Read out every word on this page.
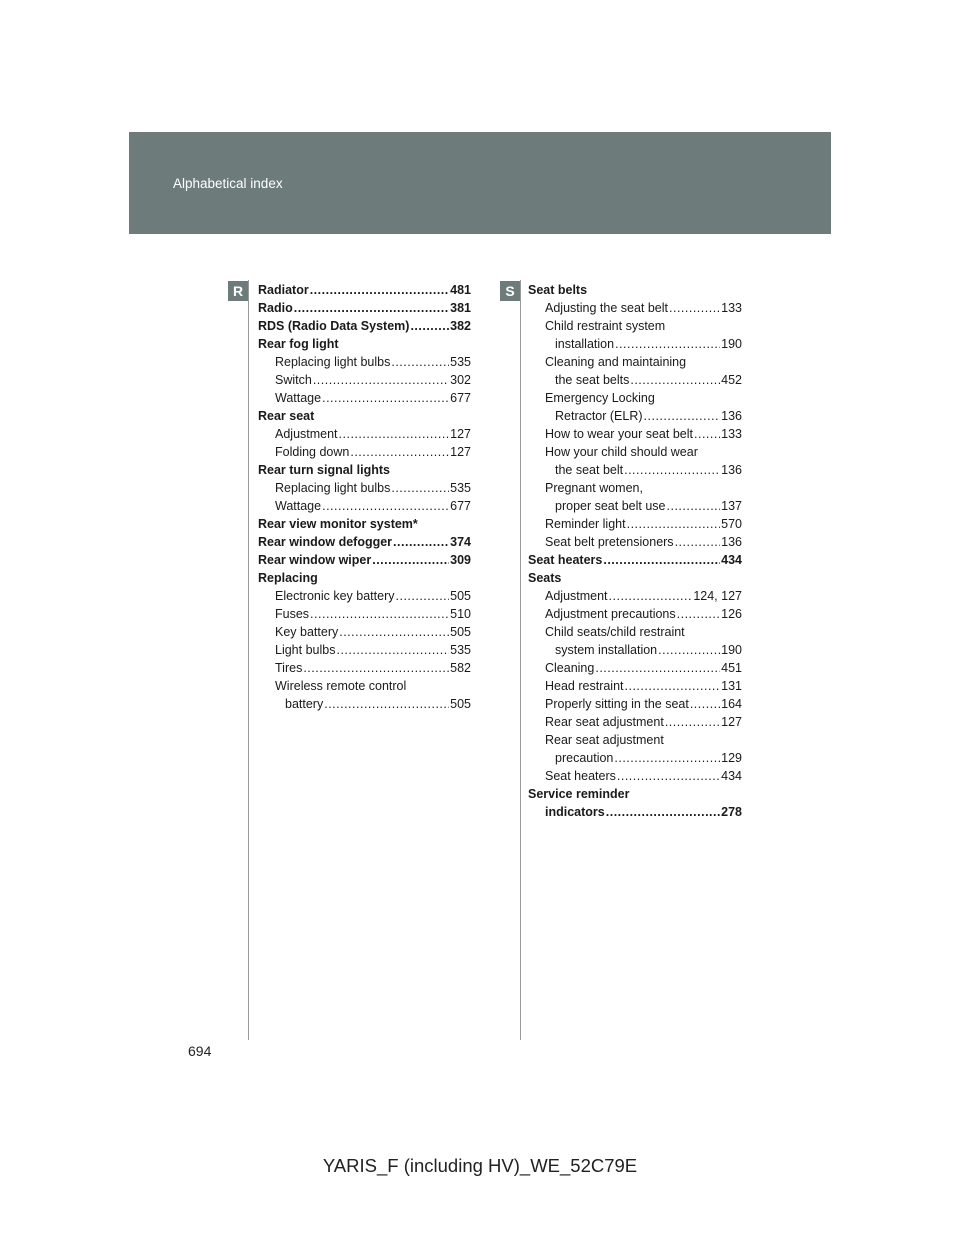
Alphabetical index
R	S
Radiator .....	481
Radio .....	381
RDS (Radio Data System) .....	382
Rear fog light
Replacing light bulbs .....	535
Switch .....	302
Wattage .....	677
Rear seat
Adjustment .....	127
Folding down .....	127
Rear turn signal lights
Replacing light bulbs .....	535
Wattage .....	677
Rear view monitor system*
Rear window defogger .....	374
Rear window wiper .....	309
Replacing
Electronic key battery .....	505
Fuses .....	510
Key battery .....	505
Light bulbs .....	535
Tires .....	582
Wireless remote control
battery .....	505
Seat belts
Adjusting the seat belt .....	133
Child restraint system
installation .....	190
Cleaning and maintaining
the seat belts .....	452
Emergency Locking
Retractor (ELR) .....	136
How to wear your seat belt ..... 133
How your child should wear
the seat belt .....	136
Pregnant women,
proper seat belt use .....	137
Reminder light .....	570
Seat belt pretensioners .....	136
Seat heaters .....	434
Seats
Adjustment .....	124, 127
Adjustment precautions .....	126
Child seats/child restraint
system installation .....	190
Cleaning .....	451
Head restraint .....	131
Properly sitting in the seat .....	164
Rear seat adjustment .....	127
Rear seat adjustment
precaution .....	129
Seat heaters .....	434
Service reminder
indicators .....	278
694
YARIS_F (including HV)_WE_52C79E
